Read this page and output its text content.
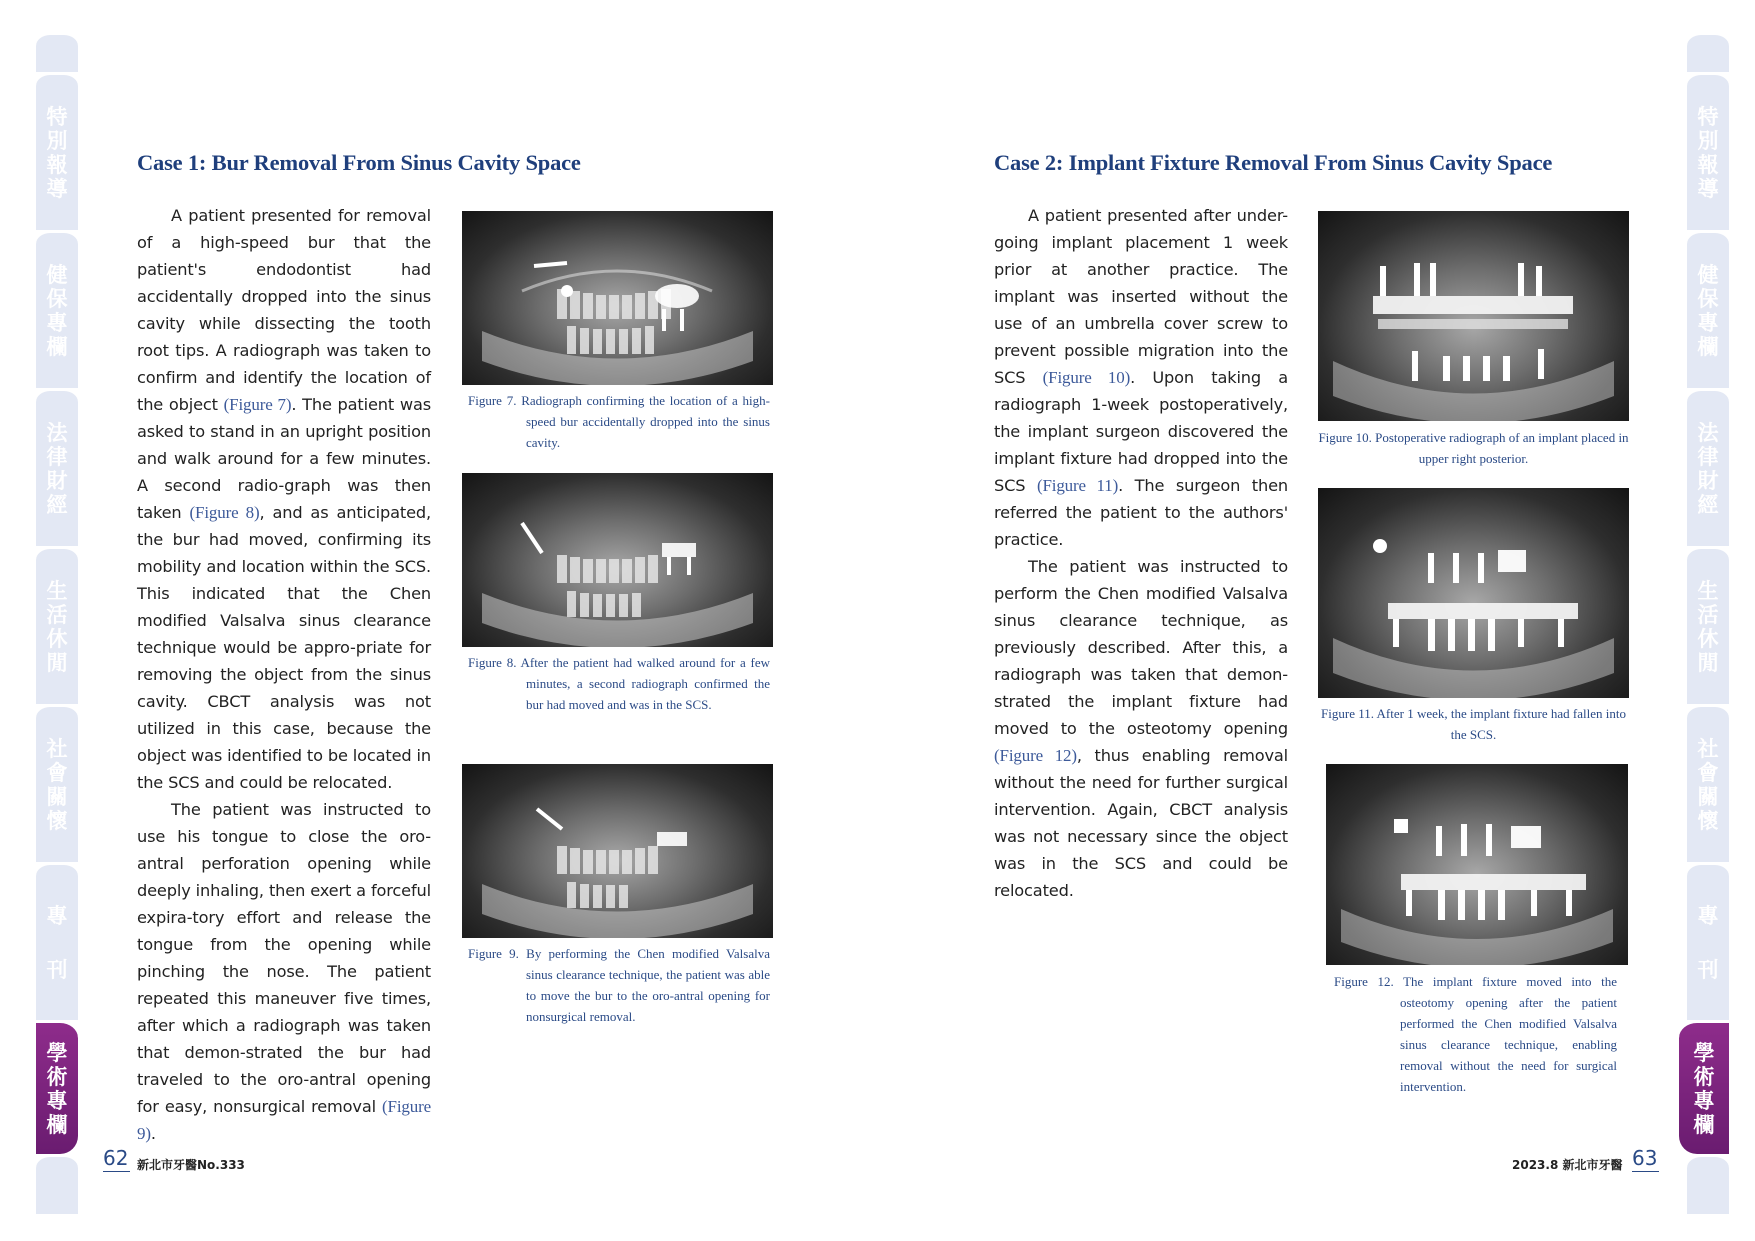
特
別
報
導
健
保
專
欄
法
律
財
經
生
活
休
閒
社
會
關
懷
專
刊
學
術
專
欄
特
別
報
導
健
保
專
欄
法
律
財
經
生
活
休
閒
社
會
關
懷
專
刊
學
術
專
欄
Case 1: Bur Removal From Sinus Cavity Space

A patient presented for removal of a high-speed bur that the patient's endodontist had accidentally dropped into the sinus cavity while dissecting the tooth root tips. A radiograph was taken to confirm and identify the location of the object (Figure 7). The patient was asked to stand in an upright position and walk around for a few minutes. A second radio-graph was then taken (Figure 8), and as anticipated, the bur had moved, confirming its mobility and location within the SCS. This indicated that the Chen modified Valsalva sinus clearance technique would be appro-priate for removing the object from the sinus cavity. CBCT analysis was not utilized in this case, because the object was identified to be located in the SCS and could be relocated.

The patient was instructed to use his tongue to close the oro-antral perforation opening while deeply inhaling, then exert a forceful expira-tory effort and release the tongue from the opening while pinching the nose. The patient repeated this maneuver five times, after which a radiograph was taken that demon-strated the bur had traveled to the oro-antral opening for easy, nonsurgical removal (Figure 9).

Figure 7. Radiograph confirming the location of a high-speed bur accidentally dropped into the sinus cavity.
Figure 8. After the patient had walked around for a few minutes, a second radiograph confirmed the bur had moved and was in the SCS.
Figure 9. By performing the Chen modified Valsalva sinus clearance technique, the patient was able to move the bur to the oro-antral opening for nonsurgical removal.
62 新北市牙醫No.333
Case 2: Implant Fixture Removal From Sinus Cavity Space

A patient presented after under-going implant placement 1 week prior at another practice. The implant was inserted without the use of an umbrella cover screw to prevent possible migration into the SCS (Figure 10). Upon taking a radiograph 1-week postoperatively, the implant surgeon discovered the implant fixture had dropped into the SCS (Figure 11). The surgeon then referred the patient to the authors' practice.

The patient was instructed to perform the Chen modified Valsalva sinus clearance technique, as previously described. After this, a radiograph was taken that demon-strated the implant fixture had moved to the osteotomy opening (Figure 12), thus enabling removal without the need for further surgical intervention. Again, CBCT analysis was not necessary since the object was in the SCS and could be relocated.

Figure 10. Postoperative radiograph of an implant placed in upper right posterior.
Figure 11. After 1 week, the implant fixture had fallen into the SCS.
Figure 12. The implant fixture moved into the osteotomy opening after the patient performed the Chen modified Valsalva sinus clearance technique, enabling removal without the need for surgical intervention.
2023.8 新北市牙醫 63
